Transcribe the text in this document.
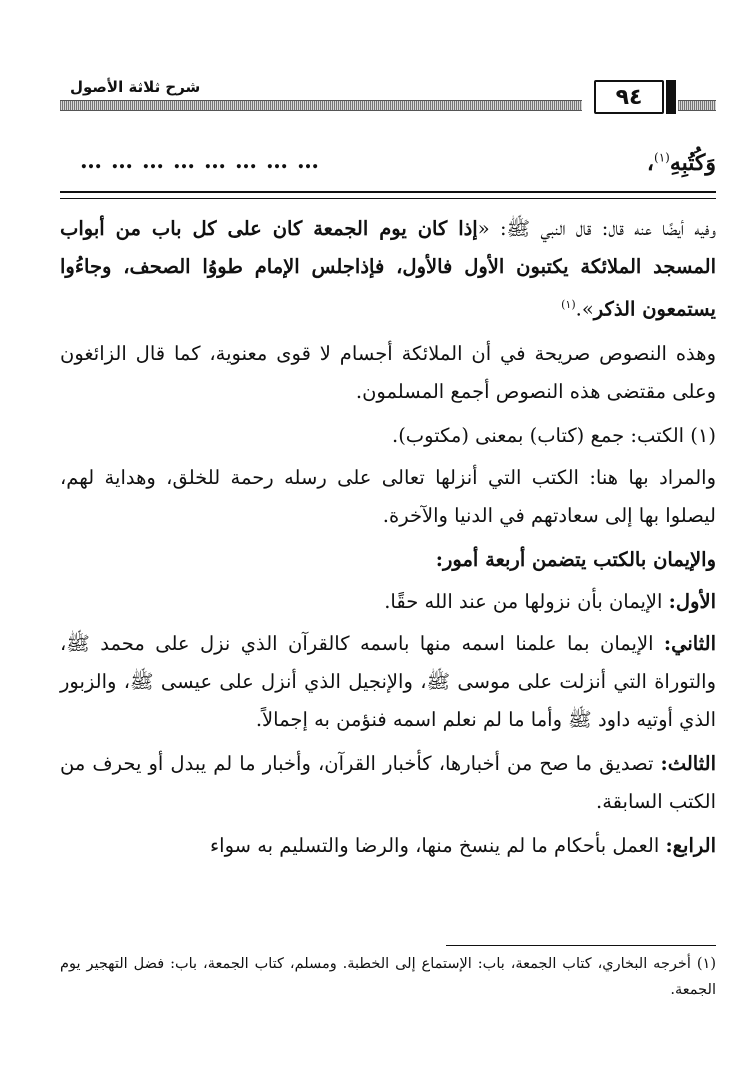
٩٤
شرح ثلاثة الأصول
وَكُتُبِهِ$^{(١)}$،
……………………

وفيه أيضًا عنه قال: قال النبي ﷺ: «إذا كان يوم الجمعة كان على كل باب من أبواب المسجد الملائكة يكتبون الأول فالأول، فإذاجلس الإمام طووُا الصحف، وجاءُوا يستمعون الذكر».$^{(١)}$

وهذه النصوص صريحة في أن الملائكة أجسام لا قوى معنوية، كما قال الزائغون وعلى مقتضى هذه النصوص أجمع المسلمون.

(١) الكتب: جمع (كتاب) بمعنى (مكتوب).

والمراد بها هنا: الكتب التي أنزلها تعالى على رسله رحمة للخلق، وهداية لهم، ليصلوا بها إلى سعادتهم في الدنيا والآخرة.

والإيمان بالكتب يتضمن أربعة أمور:

الأول: الإيمان بأن نزولها من عند الله حقًا.

الثاني: الإيمان بما علمنا اسمه منها باسمه كالقرآن الذي نزل على محمد ﷺ، والتوراة التي أنزلت على موسى ﷺ، والإنجيل الذي أنزل على عيسى ﷺ، والزبور الذي أوتيه داود ﷺ وأما ما لم نعلم اسمه فنؤمن به إجمالاً.

الثالث: تصديق ما صح من أخبارها، كأخبار القرآن، وأخبار ما لم يبدل أو يحرف من الكتب السابقة.

الرابع: العمل بأحكام ما لم ينسخ منها، والرضا والتسليم به سواء

(١) أخرجه البخاري، كتاب الجمعة، باب: الإستماع إلى الخطبة. ومسلم، كتاب الجمعة، باب: فضل التهجير يوم الجمعة.
